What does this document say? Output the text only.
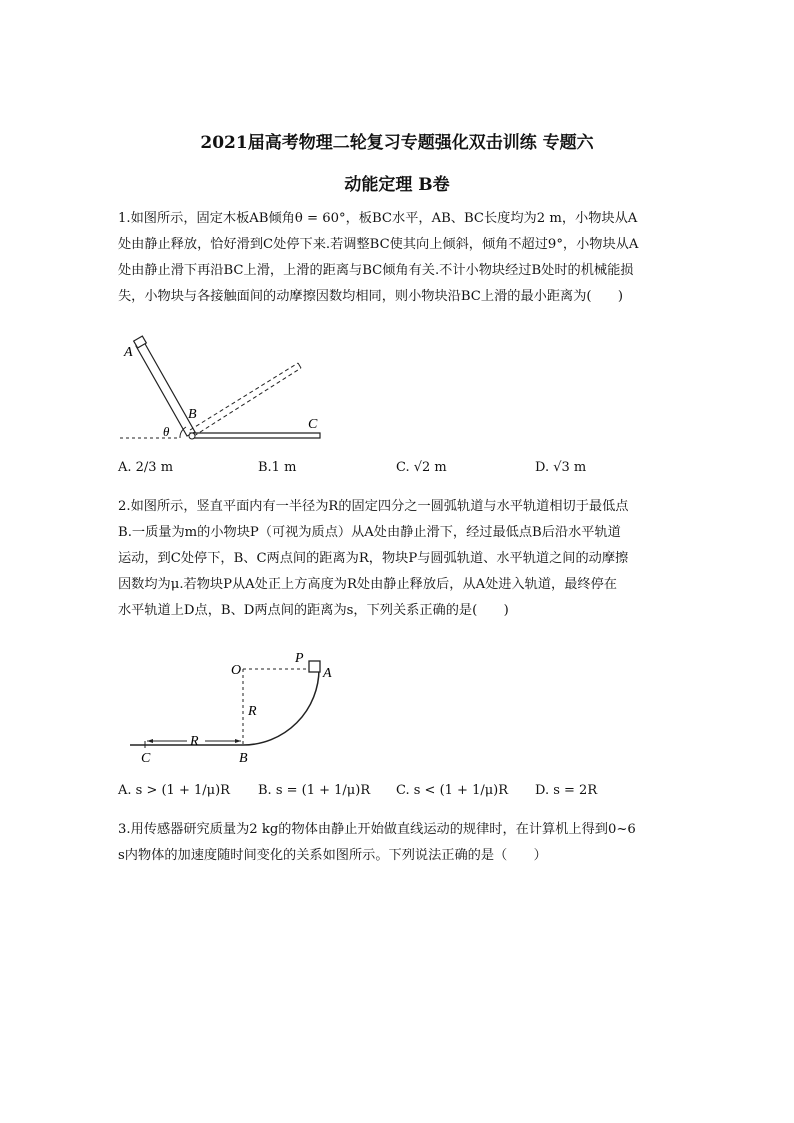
2021届高考物理二轮复习专题强化双击训练 专题六
动能定理 B卷

1.如图所示，固定木板AB倾角θ = 60°，板BC水平，AB、BC长度均为2 m，小物块从A
处由静止释放，恰好滑到C处停下来.若调整BC使其向上倾斜，倾角不超过9°，小物块从A
处由静止滑下再沿BC上滑，上滑的距离与BC倾角有关.不计小物块经过B处时的机械能损
失，小物块与各接触面间的动摩擦因数均相同，则小物块沿BC上滑的最小距离为(　　)

A
B
C
θ
A. 2/3 m	B.1 m	C. √2 m	D. √3 m

2.如图所示，竖直平面内有一半径为R的固定四分之一圆弧轨道与水平轨道相切于最低点
B.一质量为m的小物块P（可视为质点）从A处由静止滑下，经过最低点B后沿水平轨道
运动，到C处停下，B、C两点间的距离为R，物块P与圆弧轨道、水平轨道之间的动摩擦
因数均为μ.若物块P从A处正上方高度为R处由静止释放后，从A处进入轨道，最终停在
水平轨道上D点，B、D两点间的距离为s，下列关系正确的是(　　)

O
P
A
R
R
C	B
A. s > (1 + 1/μ)R B. s = (1 + 1/μ)R C. s < (1 + 1/μ)R D. s = 2R

3.用传感器研究质量为2 kg的物体由静止开始做直线运动的规律时，在计算机上得到0~6
s内物体的加速度随时间变化的关系如图所示。下列说法正确的是（　　）
